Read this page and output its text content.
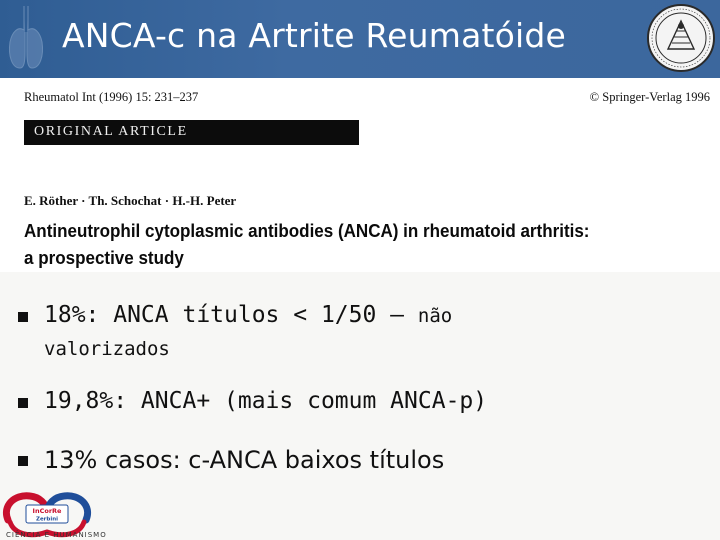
ANCA-c na Artrite Reumatóide
Rheumatol Int (1996) 15: 231–237	© Springer-Verlag 1996
ORIGINAL ARTICLE
E. Röther · Th. Schochat · H.-H. Peter
Antineutrophil cytoplasmic antibodies (ANCA) in rheumatoid arthritis:
a prospective study
18%: ANCA títulos < 1/50 – não
valorizados
19,8%: ANCA+ (mais comum ANCA-p)
13% casos: c-ANCA baixos títulos
InCorRe
Zerbini
CIÊNCIA E HUMANISMO
